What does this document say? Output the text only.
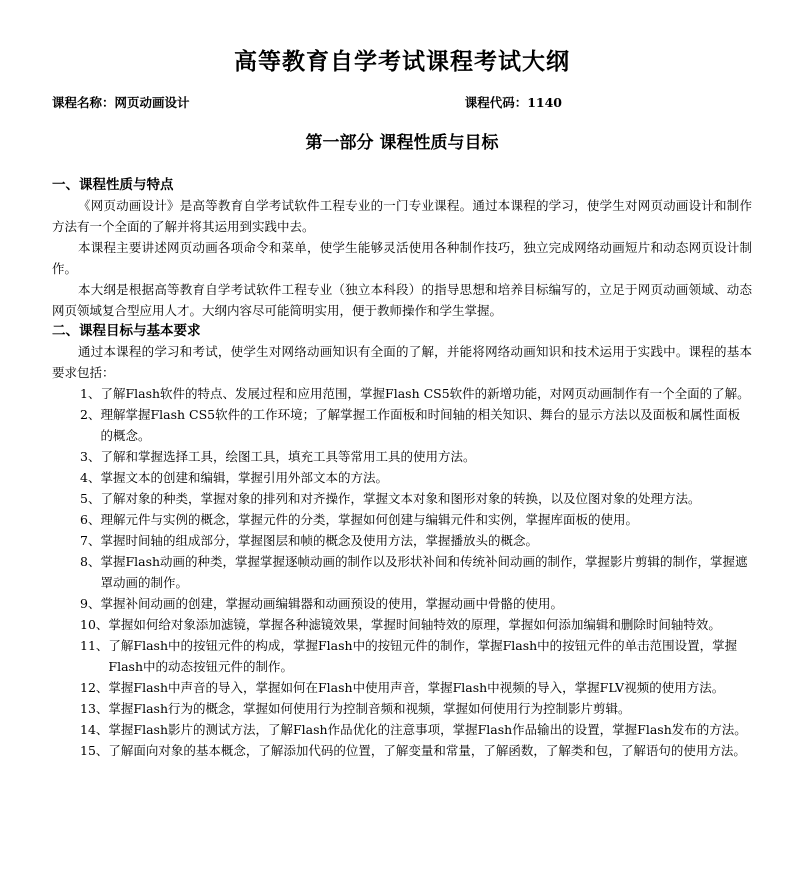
高等教育自学考试课程考试大纲
课程名称：网页动画设计	课程代码：1140
第一部分 课程性质与目标
一、课程性质与特点

《网页动画设计》是高等教育自学考试软件工程专业的一门专业课程。通过本课程的学习，使学生对网页动画设计和制作方法有一个全面的了解并将其运用到实践中去。

本课程主要讲述网页动画各项命令和菜单，使学生能够灵活使用各种制作技巧，独立完成网络动画短片和动态网页设计制作。

本大纲是根据高等教育自学考试软件工程专业（独立本科段）的指导思想和培养目标编写的，立足于网页动画领域、动态网页领域复合型应用人才。大纲内容尽可能简明实用，便于教师操作和学生掌握。

二、课程目标与基本要求

通过本课程的学习和考试，使学生对网络动画知识有全面的了解，并能将网络动画知识和技术运用于实践中。课程的基本要求包括：

1、 了解Flash软件的特点、发展过程和应用范围，掌握Flash CS5软件的新增功能，对网页动画制作有一个全面的了解。
2、 理解掌握Flash CS5软件的工作环境；了解掌握工作面板和时间轴的相关知识、舞台的显示方法以及面板和属性面板的概念。
3、 了解和掌握选择工具，绘图工具，填充工具等常用工具的使用方法。
4、 掌握文本的创建和编辑，掌握引用外部文本的方法。
5、 了解对象的种类，掌握对象的排列和对齐操作，掌握文本对象和图形对象的转换，以及位图对象的处理方法。
6、 理解元件与实例的概念，掌握元件的分类，掌握如何创建与编辑元件和实例，掌握库面板的使用。
7、 掌握时间轴的组成部分，掌握图层和帧的概念及使用方法，掌握播放头的概念。
8、 掌握Flash动画的种类，掌握掌握逐帧动画的制作以及形状补间和传统补间动画的制作，掌握影片剪辑的制作，掌握遮罩动画的制作。
9、 掌握补间动画的创建，掌握动画编辑器和动画预设的使用，掌握动画中骨骼的使用。
10、 掌握如何给对象添加滤镜，掌握各种滤镜效果，掌握时间轴特效的原理，掌握如何添加编辑和删除时间轴特效。
11、 了解Flash中的按钮元件的构成，掌握Flash中的按钮元件的制作，掌握Flash中的按钮元件的单击范围设置，掌握Flash中的动态按钮元件的制作。
12、 掌握Flash中声音的导入，掌握如何在Flash中使用声音，掌握Flash中视频的导入，掌握FLV视频的使用方法。
13、 掌握Flash行为的概念，掌握如何使用行为控制音频和视频，掌握如何使用行为控制影片剪辑。
14、 掌握Flash影片的测试方法，了解Flash作品优化的注意事项，掌握Flash作品输出的设置，掌握Flash发布的方法。
15、 了解面向对象的基本概念，了解添加代码的位置，了解变量和常量，了解函数，了解类和包，了解语句的使用方法。
